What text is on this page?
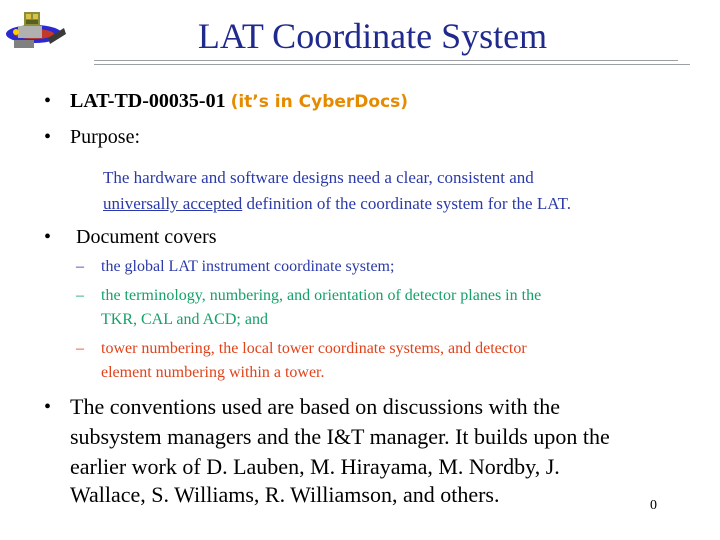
LAT Coordinate System
• LAT-TD-00035-01 (it’s in CyberDocs)
• Purpose:
The hardware and software designs need a clear, consistent and
universally accepted definition of the coordinate system for the LAT.
• Document covers
– the global LAT instrument coordinate system;
– the terminology, numbering, and orientation of detector planes in the
TKR, CAL and ACD; and
– tower numbering, the local tower coordinate systems, and detector
element numbering within a tower.
• The conventions used are based on discussions with the
subsystem managers and the I&T manager. It builds upon the
earlier work of D. Lauben, M. Hirayama, M. Nordby, J.
Wallace, S. Williams, R. Williamson, and others.	0
